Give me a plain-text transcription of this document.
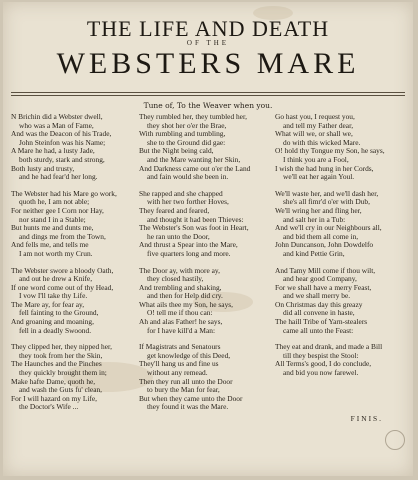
THE LIFE AND DEATH
OF THE
WEBSTERS MARE
Tune of, To the Weaver when you.
N Brichin did a Webster dwell,
who was a Man of Fame,
And was the Deacon of his Trade,
John Steinfon was his Name;
A Mare he had, a lusty Jade,
both sturdy, stark and strong,
Both lusty and trusty,
and he had fear'd her long.
The Webster had his Mare go work,
quoth he, I am not able;
For neither gee I Corn nor Hay,
nor stand I in a Stable;
But hunts me and dunts me,
and dings me from the Town,
And fells me, and tells me
I am not worth my Crun.
The Webster swore a bloody Oath,
and out he drew a Knife,
If one word come out of thy Head,
I vow I'll take thy Life.
The Mare ay, for fear ay,
fell fainting to the Ground,
And groaning and moaning,
fell in a deadly Swoond.
They clipped her, they nipped her,
they took from her the Skin,
The Haunches and the Pinches
they quickly brought them in;
Make hafte Dame, quoth he,
and wash the Guts fu' clean,
For I will hazard on my Life,
the Doctor's Wife ...
They rumbled her, they tumbled her,
they shot her o'er the Brae,
With rumbling and tumbling,
she to the Ground did gae:
But the Night being cald,
and the Mare wanting her Skin,
And Darkness came out o'er the Land
and fain would she been in.
She rapped and she chapped
with her two forther Hoves,
They feared and feared,
and thought it had been Thieves:
The Webster's Son was foot in Heart,
he ran unto the Door,
And thrust a Spear into the Mare,
five quarters long and more.
The Door ay, with more ay,
they closed hastily,
And trembling and shaking,
and then for Help did cry.
What ails thee my Son, he says,
O! tell me if thou can:
Ah and alas Father! he says,
for I have kill'd a Man:
If Magistrats and Senatours
get knowledge of this Deed,
They'll hang us and fine us
without any remead.
Then they run all unto the Door
to bury the Man for fear,
But when they came unto the Door
they found it was the Mare.
Go hast you, I request you,
and tell my Father dear,
What will we, or shall we,
do with this wicked Mare.
O! hold thy Tongue my Son, he says,
I think you are a Fool,
I wish the had hung in her Cords,
we'll eat her again Youl.
We'll waste her, and we'll dash her,
she's all fimr'd o'er with Dub,
We'll wring her and fling her,
and salt her in a Tub:
And we'll cry in our Neighbours all,
and bid them all come in,
John Duncanson, John Dowdelfo
and kind Pettie Grin,
And Tamy Mill come if thou wilt,
and hear good Company,
For we shall have a merry Feast,
and we shall merry be.
On Christmas day this greazy
did all convene in haste,
The haill Tribe of Yarn-stealers
came all unto the Feast:
They eat and drank, and made a Bill
till they bespist the Stool:
All Terms's good, I do conclude,
and bid you now farewel.
FINIS.
